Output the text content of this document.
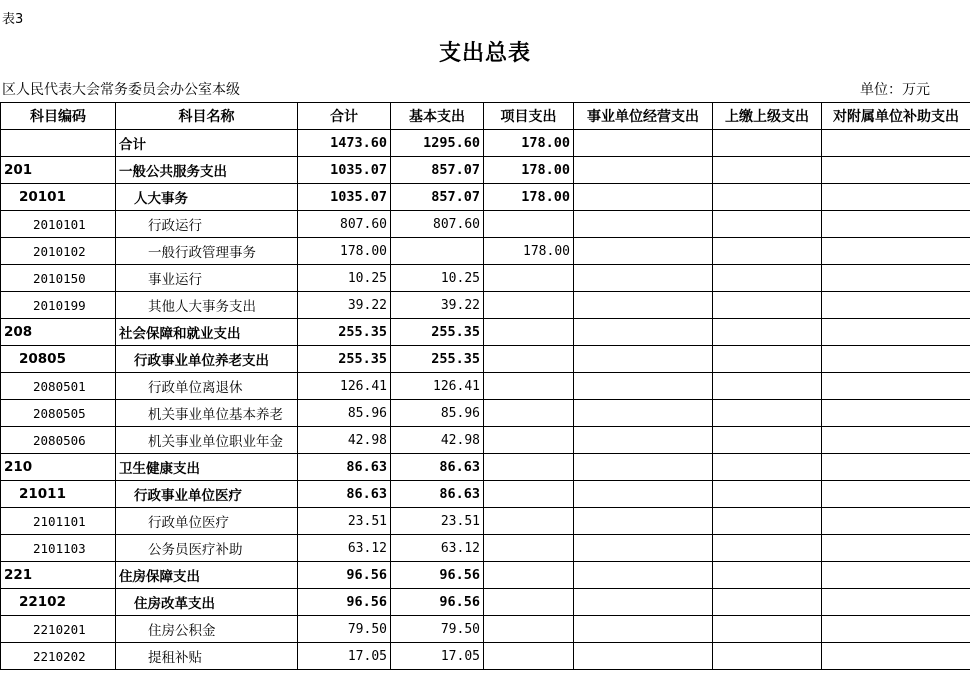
表3
支出总表
区人民代表大会常务委员会办公室本级	单位：万元
科目编码	科目名称	合计	基本支出	项目支出	事业单位经营支出	上缴上级支出	对附属单位补助支出
	合计	1473.60	1295.60	178.00			
201	一般公共服务支出	1035.07	857.07	178.00			
20101	人大事务	1035.07	857.07	178.00			
2010101	行政运行	807.60	807.60				
2010102	一般行政管理事务	178.00		178.00			
2010150	事业运行	10.25	10.25				
2010199	其他人大事务支出	39.22	39.22				
208	社会保障和就业支出	255.35	255.35				
20805	行政事业单位养老支出	255.35	255.35				
2080501	行政单位离退休	126.41	126.41				
2080505	机关事业单位基本养老	85.96	85.96				
2080506	机关事业单位职业年金	42.98	42.98				
210	卫生健康支出	86.63	86.63				
21011	行政事业单位医疗	86.63	86.63				
2101101	行政单位医疗	23.51	23.51				
2101103	公务员医疗补助	63.12	63.12				
221	住房保障支出	96.56	96.56				
22102	住房改革支出	96.56	96.56				
2210201	住房公积金	79.50	79.50				
2210202	提租补贴	17.05	17.05				
